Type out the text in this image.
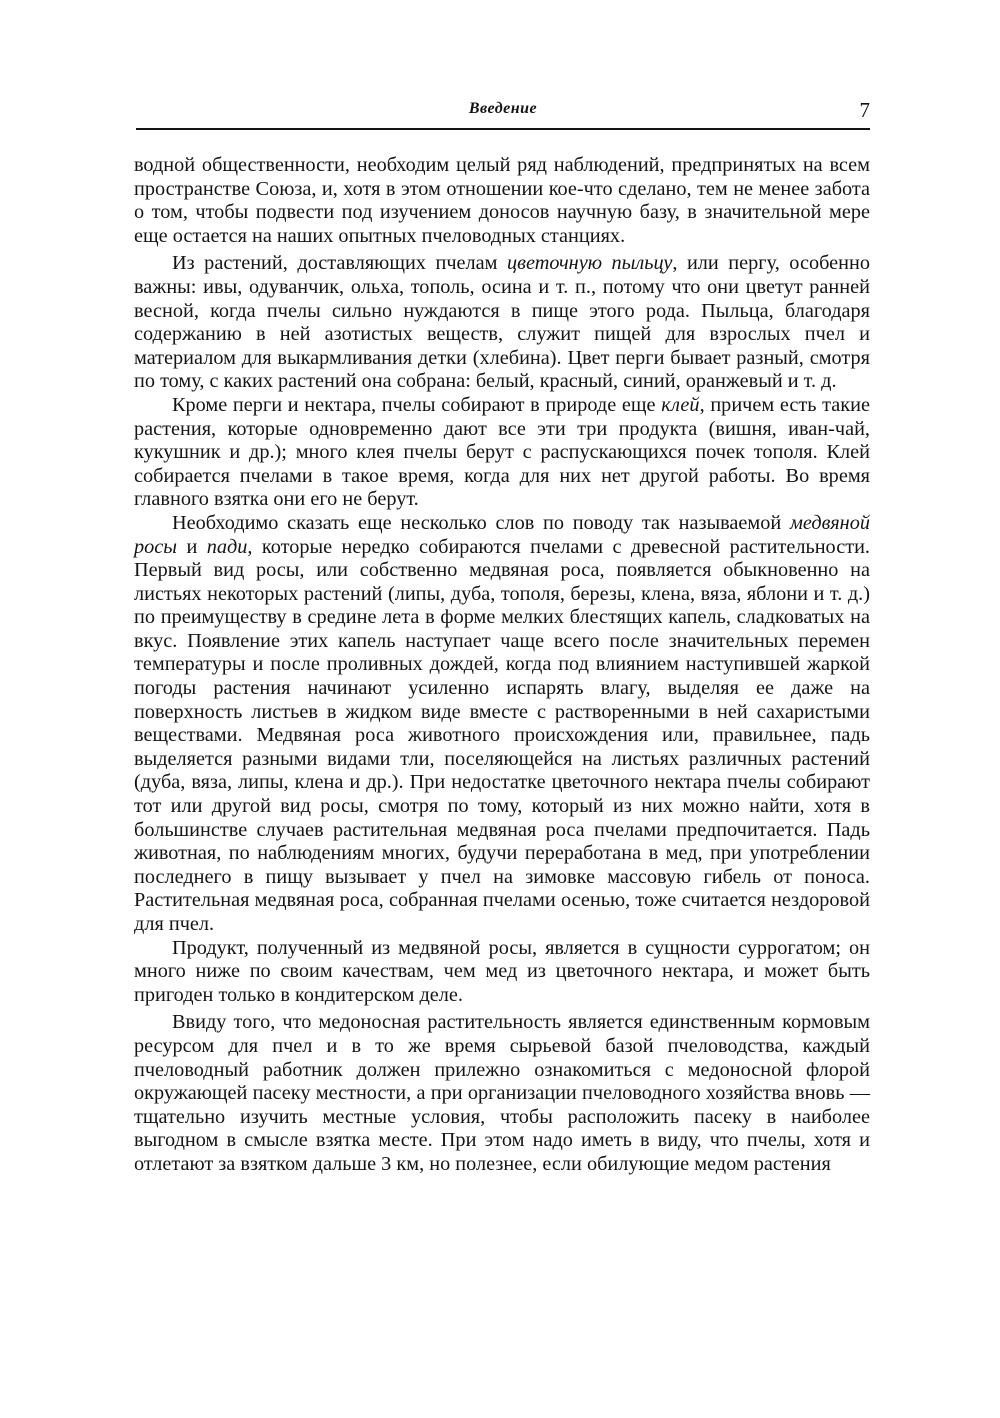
Введение	7

водной общественности, необходим целый ряд наблюдений, предпринятых на всем пространстве Союза, и, хотя в этом отношении кое-что сделано, тем не менее забота о том, чтобы подвести под изучением доносов научную базу, в значительной мере еще остается на наших опытных пчеловодных станциях.

Из растений, доставляющих пчелам цветочную пыльцу, или пергу, особенно важны: ивы, одуванчик, ольха, тополь, осина и т. п., потому что они цветут ранней весной, когда пчелы сильно нуждаются в пище этого рода. Пыльца, благодаря содержанию в ней азотистых веществ, служит пищей для взрослых пчел и материалом для выкармливания детки (хлебина). Цвет перги бывает разный, смотря по тому, с каких растений она собрана: белый, красный, синий, оранжевый и т. д.

Кроме перги и нектара, пчелы собирают в природе еще клей, причем есть такие растения, которые одновременно дают все эти три продукта (вишня, иван-чай, кукушник и др.); много клея пчелы берут с распускающихся почек тополя. Клей собирается пчелами в такое время, когда для них нет другой работы. Во время главного взятка они его не берут.

Необходимо сказать еще несколько слов по поводу так называемой медвяной росы и пади, которые нередко собираются пчелами с древесной растительности. Первый вид росы, или собственно медвяная роса, появляется обыкновенно на листьях некоторых растений (липы, дуба, тополя, березы, клена, вяза, яблони и т. д.) по преимуществу в средине лета в форме мелких блестящих капель, сладковатых на вкус. Появление этих капель наступает чаще всего после значительных перемен температуры и после проливных дождей, когда под влиянием наступившей жаркой погоды растения начинают усиленно испарять влагу, выделяя ее даже на поверхность листьев в жидком виде вместе с растворенными в ней сахаристыми веществами. Медвяная роса животного происхождения или, правильнее, падь выделяется разными видами тли, поселяющейся на листьях различных растений (дуба, вяза, липы, клена и др.). При недостатке цветочного нектара пчелы собирают тот или другой вид росы, смотря по тому, который из них можно найти, хотя в большинстве случаев растительная медвяная роса пчелами предпочитается. Падь животная, по наблюдениям многих, будучи переработана в мед, при употреблении последнего в пищу вызывает у пчел на зимовке массовую гибель от поноса. Растительная медвяная роса, собранная пчелами осенью, тоже считается нездоровой для пчел.

Продукт, полученный из медвяной росы, является в сущности суррогатом; он много ниже по своим качествам, чем мед из цветочного нектара, и может быть пригоден только в кондитерском деле.

Ввиду того, что медоносная растительность является единственным кормовым ресурсом для пчел и в то же время сырьевой базой пчеловодства, каждый пчеловодный работник должен прилежно ознакомиться с медоносной флорой окружающей пасеку местности, а при организации пчеловодного хозяйства вновь — тщательно изучить местные условия, чтобы расположить пасеку в наиболее выгодном в смысле взятка месте. При этом надо иметь в виду, что пчелы, хотя и отлетают за взятком дальше 3 км, но полезнее, если обилующие медом растения
